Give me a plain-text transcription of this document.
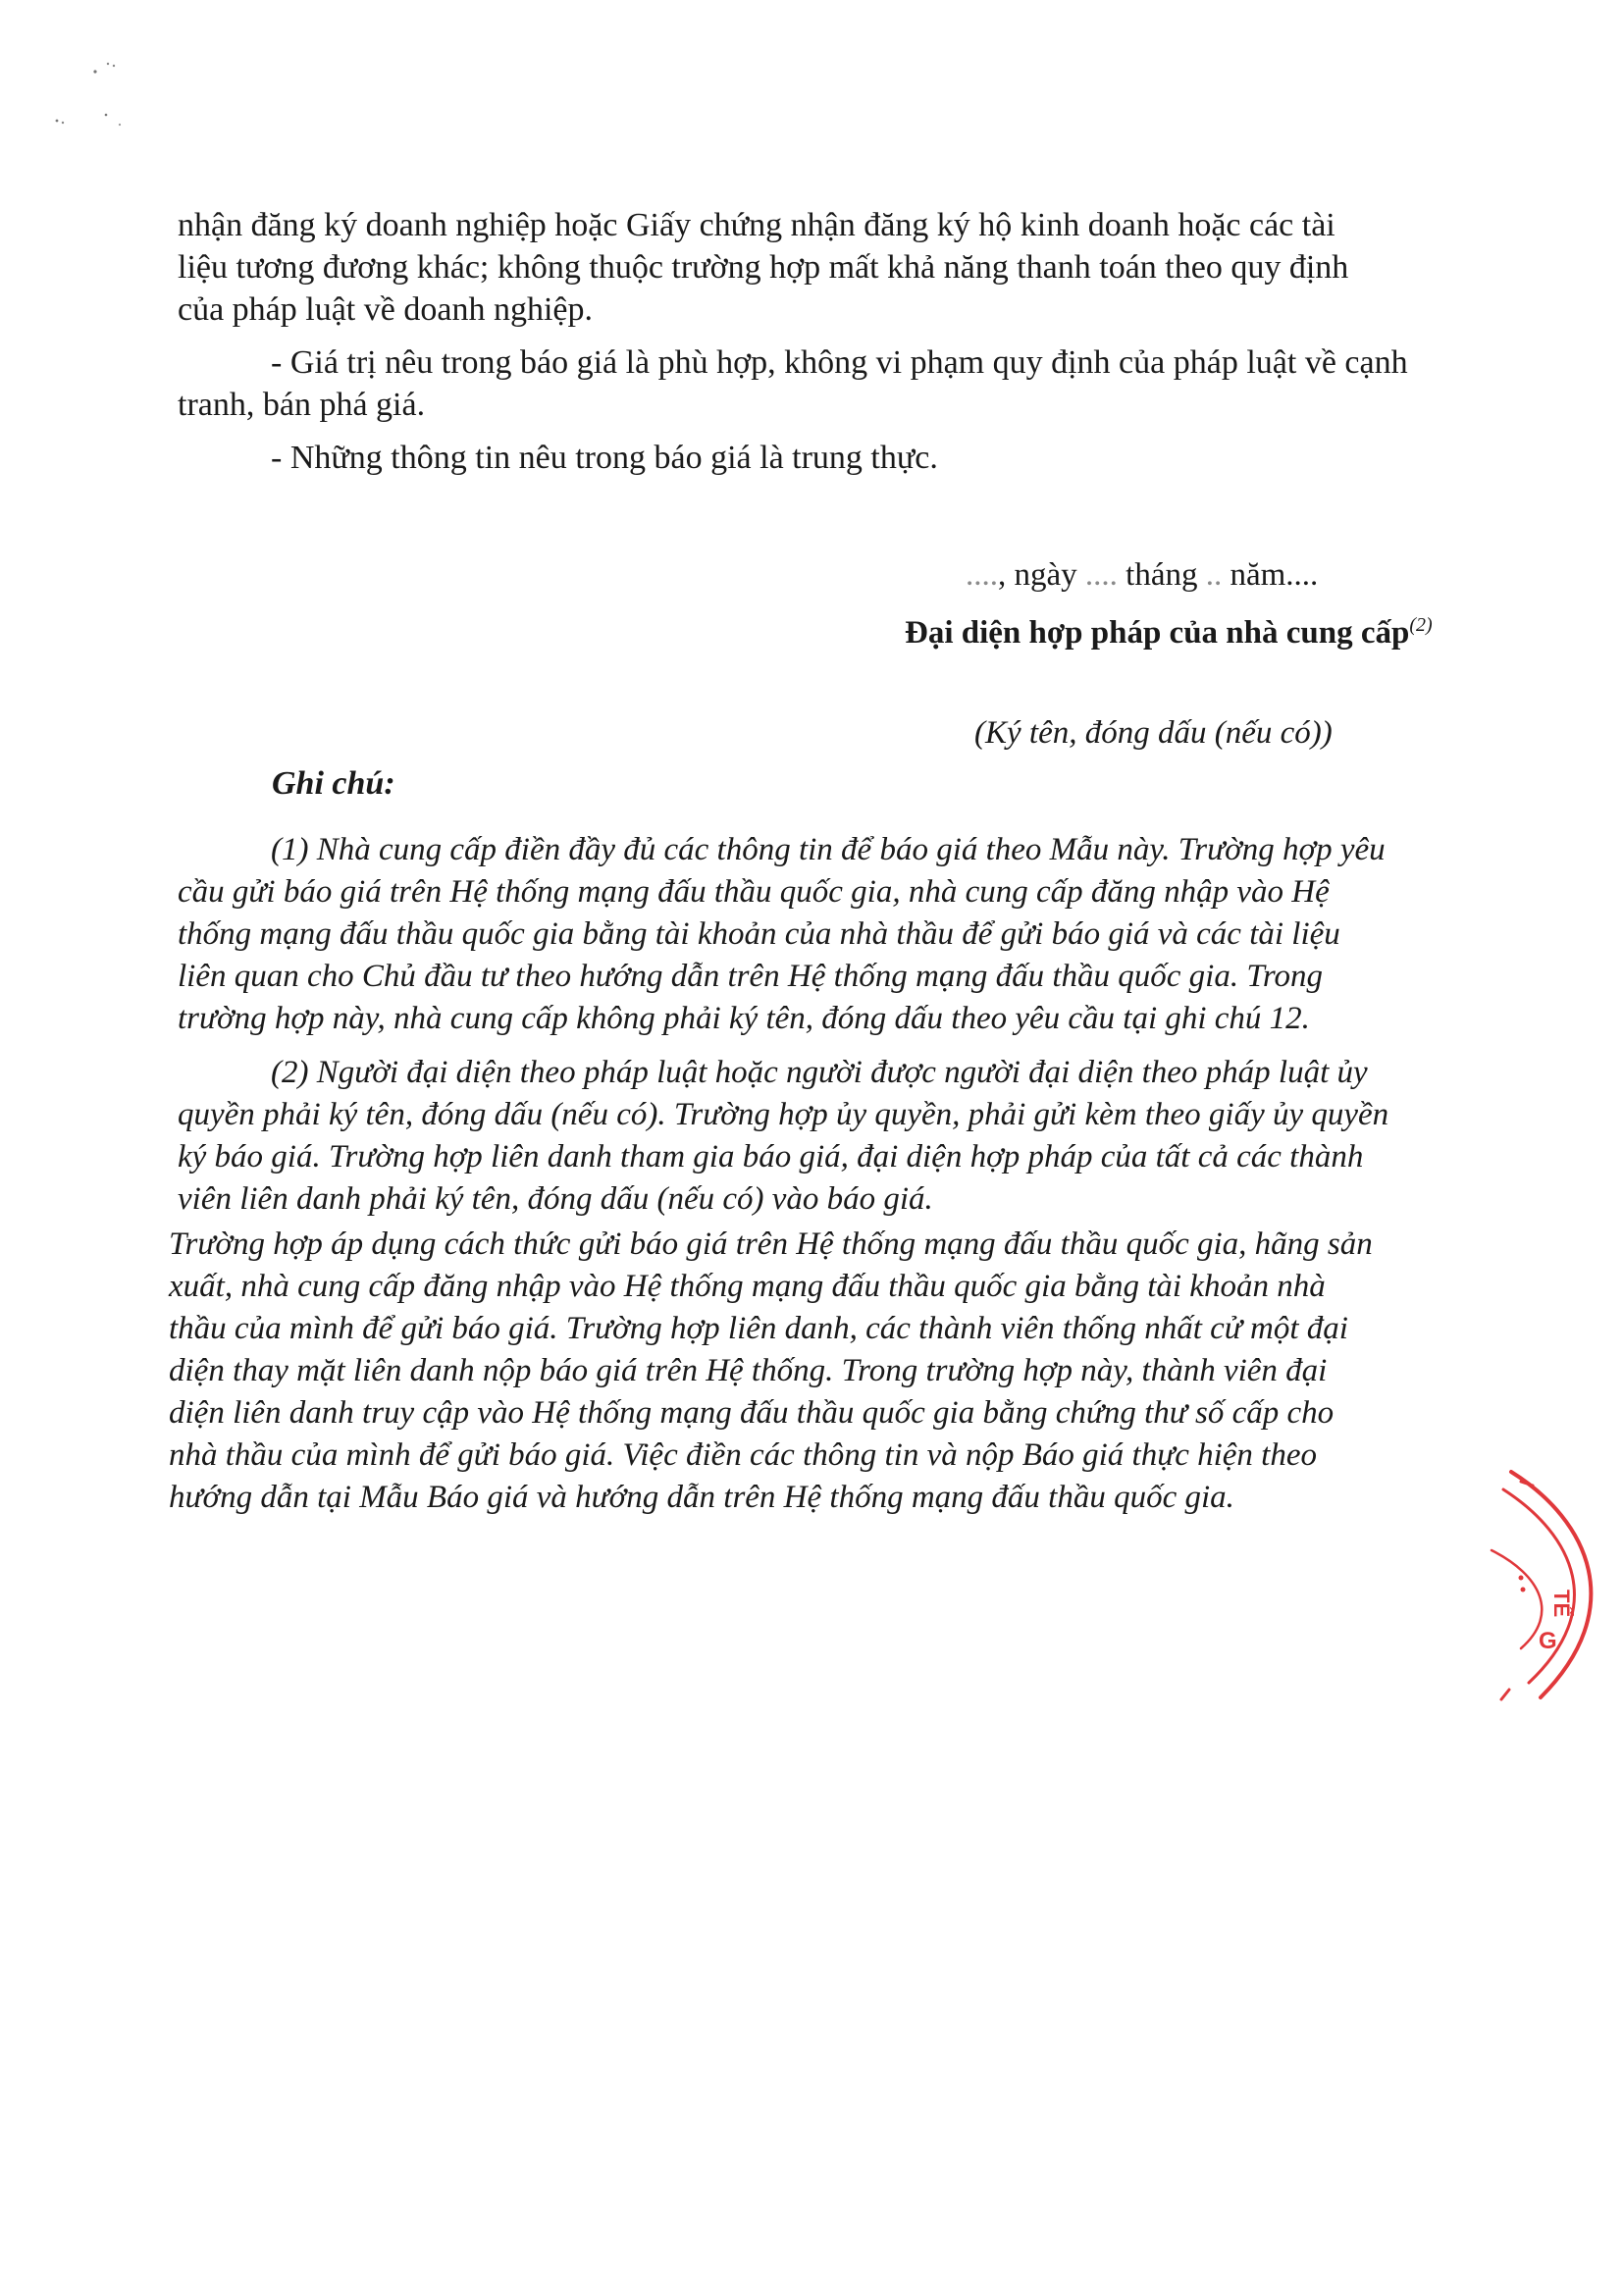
nhận đăng ký doanh nghiệp hoặc Giấy chứng nhận đăng ký hộ kinh doanh hoặc các tài
liệu tương đương khác; không thuộc trường hợp mất khả năng thanh toán theo quy định
của pháp luật về doanh nghiệp.

- Giá trị nêu trong báo giá là phù hợp, không vi phạm quy định của pháp luật về cạnh
tranh, bán phá giá.

- Những thông tin nêu trong báo giá là trung thực.

...., ngày .... tháng .. năm....
Đại diện hợp pháp của nhà cung cấp$^{(2)}$
(Ký tên, đóng dấu (nếu có))
Ghi chú:

(1) Nhà cung cấp điền đầy đủ các thông tin để báo giá theo Mẫu này. Trường hợp yêu
cầu gửi báo giá trên Hệ thống mạng đấu thầu quốc gia, nhà cung cấp đăng nhập vào Hệ
thống mạng đấu thầu quốc gia bằng tài khoản của nhà thầu để gửi báo giá và các tài liệu
liên quan cho Chủ đầu tư theo hướng dẫn trên Hệ thống mạng đấu thầu quốc gia. Trong
trường hợp này, nhà cung cấp không phải ký tên, đóng dấu theo yêu cầu tại ghi chú 12.

(2) Người đại diện theo pháp luật hoặc người được người đại diện theo pháp luật ủy
quyền phải ký tên, đóng dấu (nếu có). Trường hợp ủy quyền, phải gửi kèm theo giấy ủy quyền
ký báo giá. Trường hợp liên danh tham gia báo giá, đại diện hợp pháp của tất cả các thành
viên liên danh phải ký tên, đóng dấu (nếu có) vào báo giá.

Trường hợp áp dụng cách thức gửi báo giá trên Hệ thống mạng đấu thầu quốc gia, hãng sản
xuất, nhà cung cấp đăng nhập vào Hệ thống mạng đấu thầu quốc gia bằng tài khoản nhà
thầu của mình để gửi báo giá. Trường hợp liên danh, các thành viên thống nhất cử một đại
diện thay mặt liên danh nộp báo giá trên Hệ thống. Trong trường hợp này, thành viên đại
diện liên danh truy cập vào Hệ thống mạng đấu thầu quốc gia bằng chứng thư số cấp cho
nhà thầu của mình để gửi báo giá. Việc điền các thông tin và nộp Báo giá thực hiện theo
hướng dẫn tại Mẫu Báo giá và hướng dẫn trên Hệ thống mạng đấu thầu quốc gia.

TẾ
G
